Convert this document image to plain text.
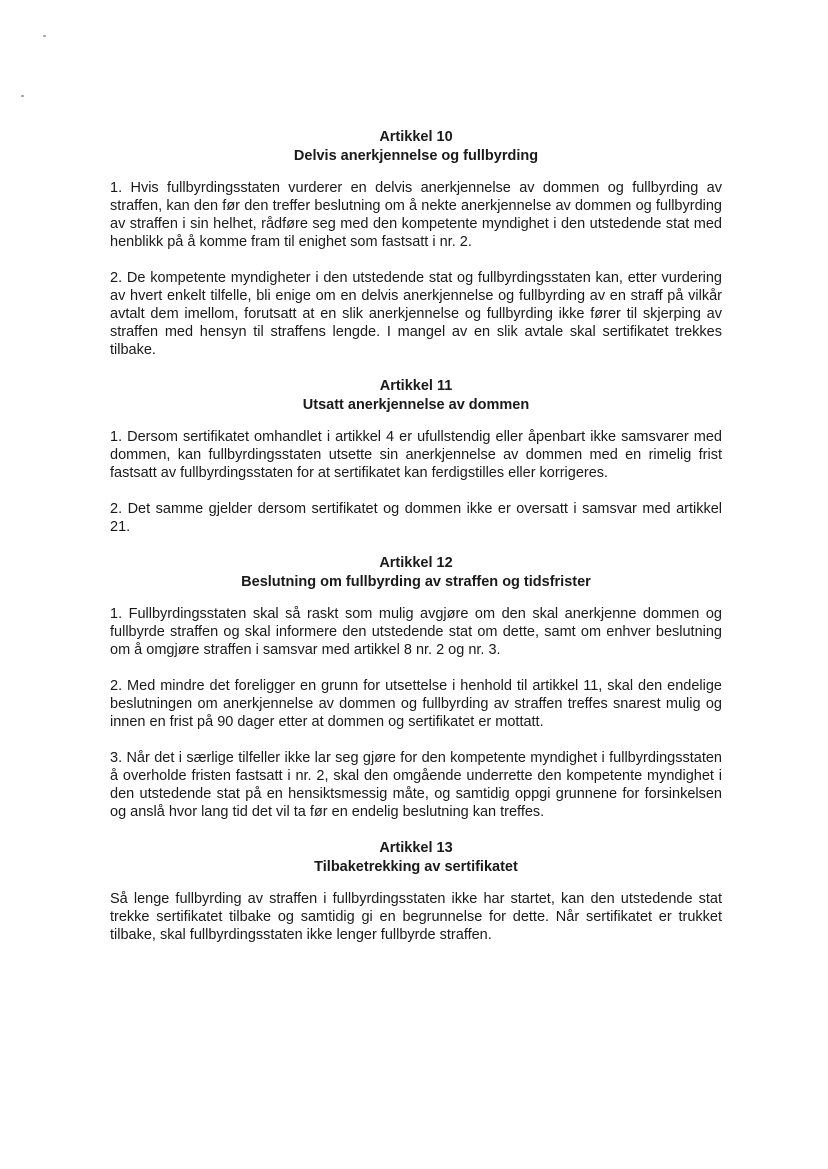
Artikkel 10
Delvis anerkjennelse og fullbyrding

1. Hvis fullbyrdingsstaten vurderer en delvis anerkjennelse av dommen og fullbyrding av straffen, kan den før den treffer beslutning om å nekte anerkjennelse av dommen og fullbyrding av straffen i sin helhet, rådføre seg med den kompetente myndighet i den utstedende stat med henblikk på å komme fram til enighet som fastsatt i nr. 2.

2. De kompetente myndigheter i den utstedende stat og fullbyrdingsstaten kan, etter vurdering av hvert enkelt tilfelle, bli enige om en delvis anerkjennelse og fullbyrding av en straff på vilkår avtalt dem imellom, forutsatt at en slik anerkjennelse og fullbyrding ikke fører til skjerping av straffen med hensyn til straffens lengde. I mangel av en slik avtale skal sertifikatet trekkes tilbake.

Artikkel 11
Utsatt anerkjennelse av dommen

1. Dersom sertifikatet omhandlet i artikkel 4 er ufullstendig eller åpenbart ikke samsvarer med dommen, kan fullbyrdingsstaten utsette sin anerkjennelse av dommen med en rimelig frist fastsatt av fullbyrdingsstaten for at sertifikatet kan ferdigstilles eller korrigeres.

2. Det samme gjelder dersom sertifikatet og dommen ikke er oversatt i samsvar med artikkel 21.

Artikkel 12
Beslutning om fullbyrding av straffen og tidsfrister

1. Fullbyrdingsstaten skal så raskt som mulig avgjøre om den skal anerkjenne dommen og fullbyrde straffen og skal informere den utstedende stat om dette, samt om enhver beslutning om å omgjøre straffen i samsvar med artikkel 8 nr. 2 og nr. 3.

2. Med mindre det foreligger en grunn for utsettelse i henhold til artikkel 11, skal den endelige beslutningen om anerkjennelse av dommen og fullbyrding av straffen treffes snarest mulig og innen en frist på 90 dager etter at dommen og sertifikatet er mottatt.

3. Når det i særlige tilfeller ikke lar seg gjøre for den kompetente myndighet i fullbyrdingsstaten å overholde fristen fastsatt i nr. 2, skal den omgående underrette den kompetente myndighet i den utstedende stat på en hensiktsmessig måte, og samtidig oppgi grunnene for forsinkelsen og anslå hvor lang tid det vil ta før en endelig beslutning kan treffes.

Artikkel 13
Tilbaketrekking av sertifikatet

Så lenge fullbyrding av straffen i fullbyrdingsstaten ikke har startet, kan den utstedende stat trekke sertifikatet tilbake og samtidig gi en begrunnelse for dette. Når sertifikatet er trukket tilbake, skal fullbyrdingsstaten ikke lenger fullbyrde straffen.
